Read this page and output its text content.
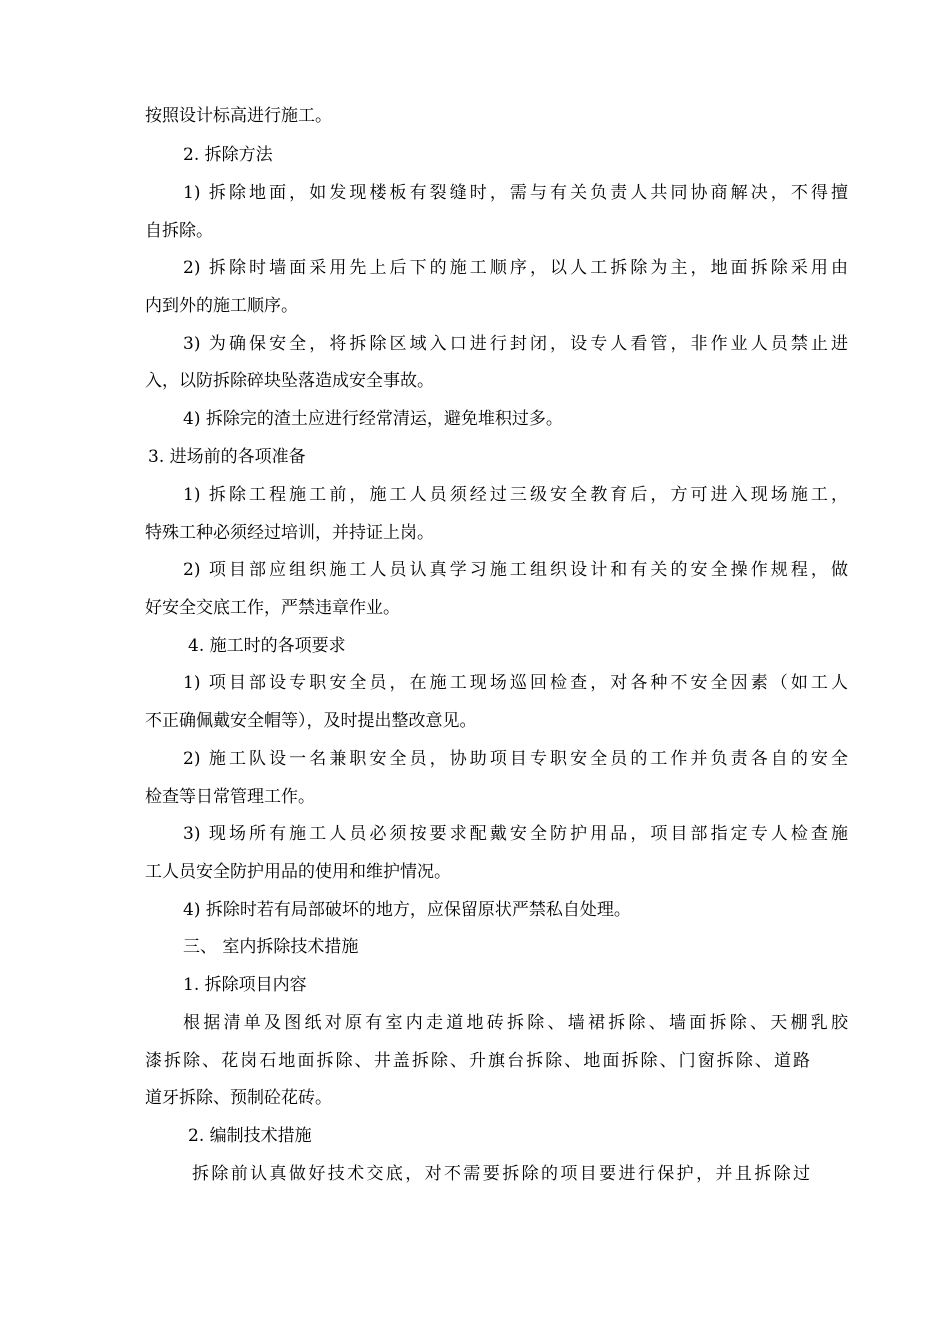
按照设计标高进行施工。
2. 拆除方法
1) 拆除地面，如发现楼板有裂缝时，需与有关负责人共同协商解决，不得擅
自拆除。
2) 拆除时墙面采用先上后下的施工顺序，以人工拆除为主，地面拆除采用由
内到外的施工顺序。
3) 为确保安全，将拆除区域入口进行封闭，设专人看管，非作业人员禁止进
入，以防拆除碎块坠落造成安全事故。
4) 拆除完的渣土应进行经常清运，避免堆积过多。
3. 进场前的各项准备
1) 拆除工程施工前，施工人员须经过三级安全教育后，方可进入现场施工，
特殊工种必须经过培训，并持证上岗。
2) 项目部应组织施工人员认真学习施工组织设计和有关的安全操作规程，做
好安全交底工作，严禁违章作业。
4. 施工时的各项要求
1) 项目部设专职安全员，在施工现场巡回检查，对各种不安全因素（如工人
不正确佩戴安全帽等），及时提出整改意见。
2) 施工队设一名兼职安全员，协助项目专职安全员的工作并负责各自的安全
检查等日常管理工作。
3) 现场所有施工人员必须按要求配戴安全防护用品，项目部指定专人检查施
工人员安全防护用品的使用和维护情况。
4) 拆除时若有局部破坏的地方，应保留原状严禁私自处理。
三、 室内拆除技术措施
1. 拆除项目内容
根据清单及图纸对原有室内走道地砖拆除、墙裙拆除、墙面拆除、天棚乳胶
漆拆除、花岗石地面拆除、井盖拆除、升旗台拆除、地面拆除、门窗拆除、道路
道牙拆除、预制砼花砖。
2. 编制技术措施
拆除前认真做好技术交底，对不需要拆除的项目要进行保护，并且拆除过
